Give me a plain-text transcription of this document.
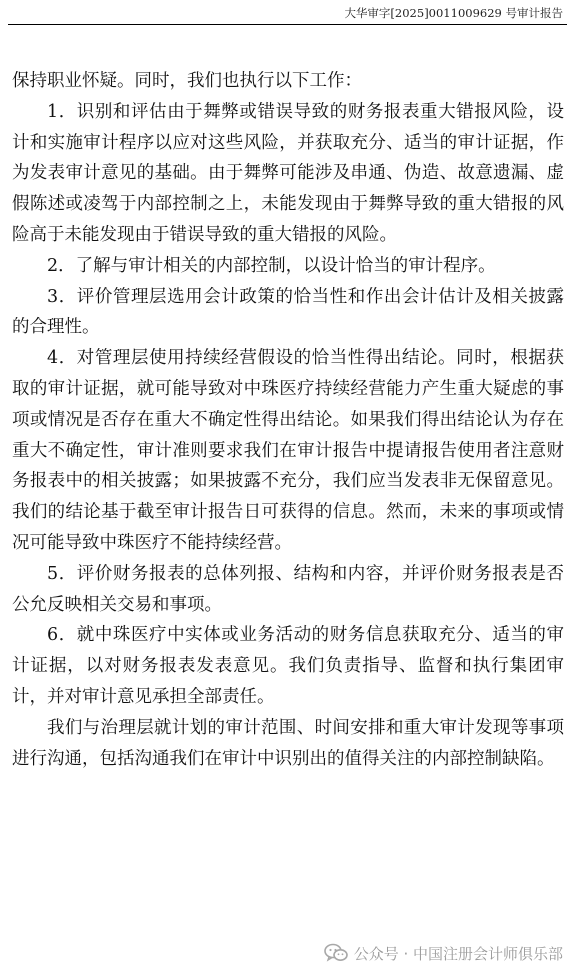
大华审字[2025]0011009629 号审计报告

保持职业怀疑。同时，我们也执行以下工作：

1．识别和评估由于舞弊或错误导致的财务报表重大错报风险，设计和实施审计程序以应对这些风险，并获取充分、适当的审计证据，作为发表审计意见的基础。由于舞弊可能涉及串通、伪造、故意遗漏、虚假陈述或凌驾于内部控制之上，未能发现由于舞弊导致的重大错报的风险高于未能发现由于错误导致的重大错报的风险。

2．了解与审计相关的内部控制，以设计恰当的审计程序。

3．评价管理层选用会计政策的恰当性和作出会计估计及相关披露的合理性。

4．对管理层使用持续经营假设的恰当性得出结论。同时，根据获取的审计证据，就可能导致对中珠医疗持续经营能力产生重大疑虑的事项或情况是否存在重大不确定性得出结论。如果我们得出结论认为存在重大不确定性，审计准则要求我们在审计报告中提请报告使用者注意财务报表中的相关披露；如果披露不充分，我们应当发表非无保留意见。我们的结论基于截至审计报告日可获得的信息。然而，未来的事项或情况可能导致中珠医疗不能持续经营。

5．评价财务报表的总体列报、结构和内容，并评价财务报表是否公允反映相关交易和事项。

6．就中珠医疗中实体或业务活动的财务信息获取充分、适当的审计证据，以对财务报表发表意见。我们负责指导、监督和执行集团审计，并对审计意见承担全部责任。

我们与治理层就计划的审计范围、时间安排和重大审计发现等事项进行沟通，包括沟通我们在审计中识别出的值得关注的内部控制缺陷。

公众号 · 中国注册会计师俱乐部
